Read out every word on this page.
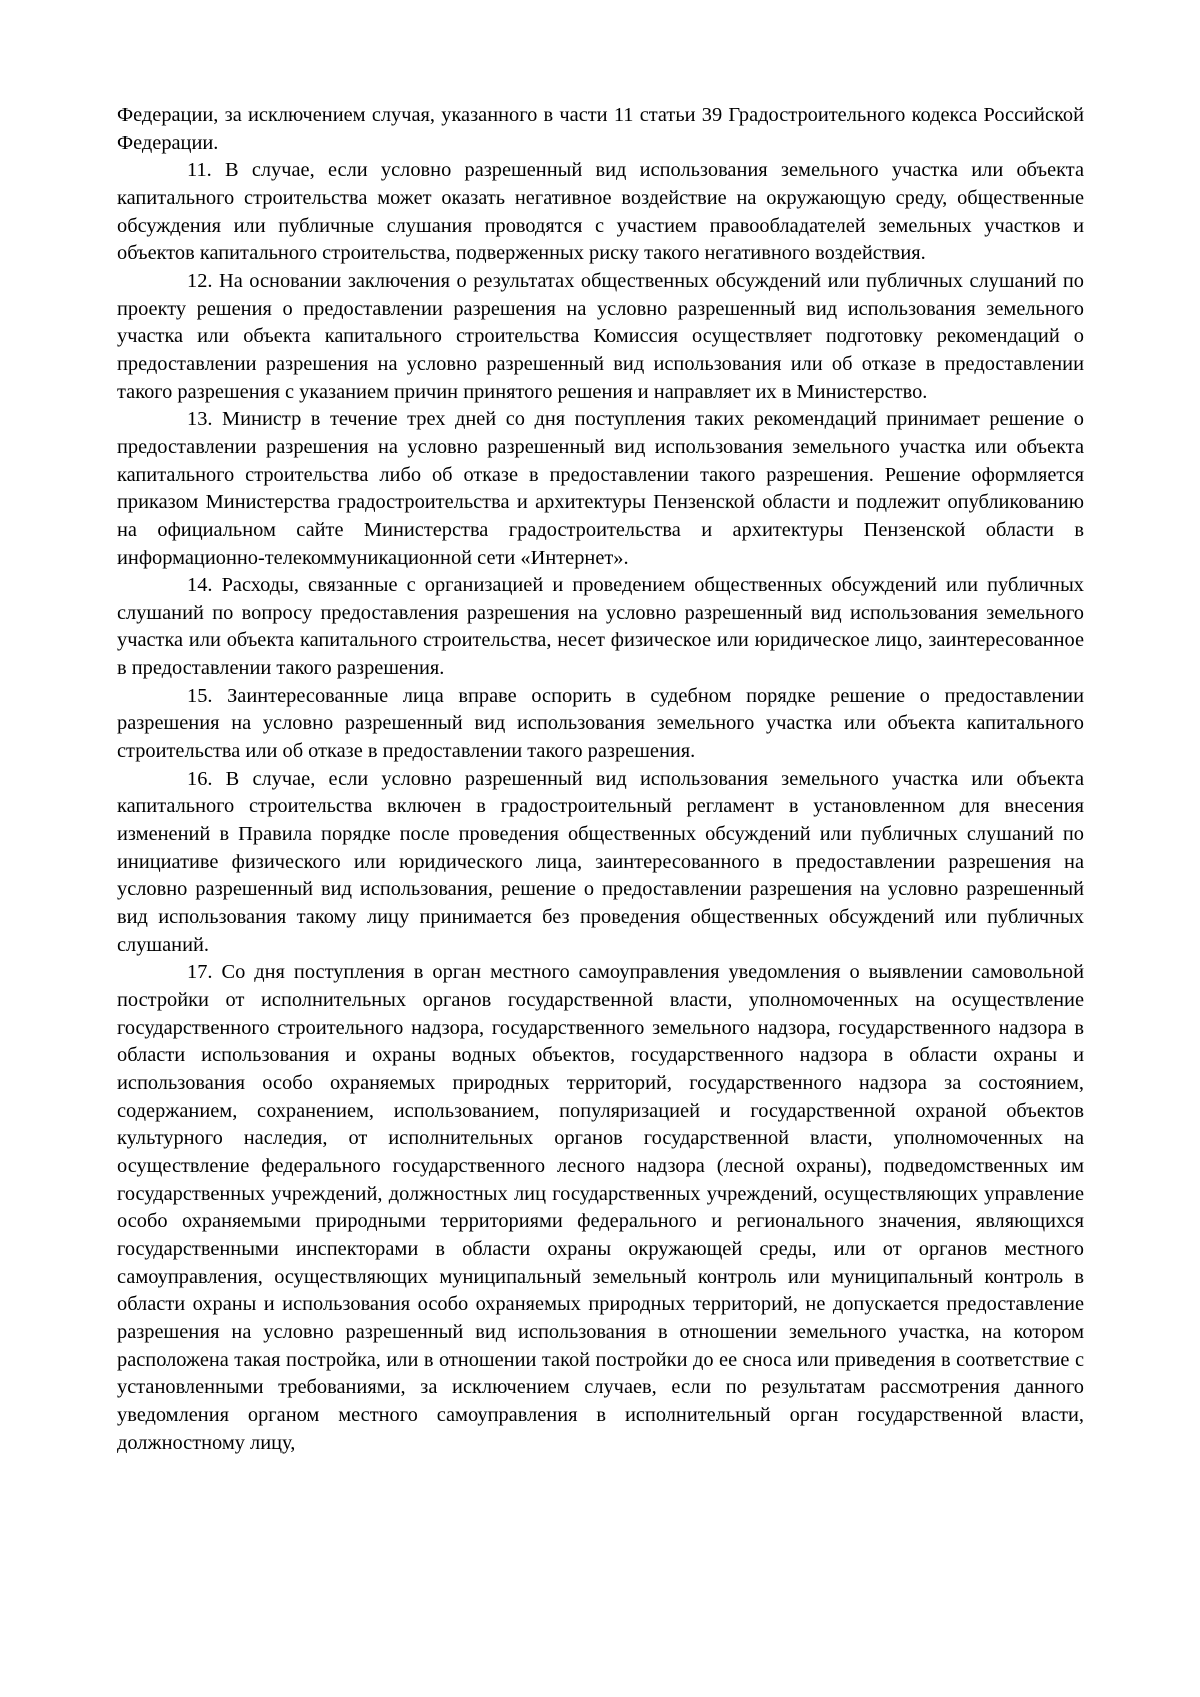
Федерации, за исключением случая, указанного в части 11 статьи 39 Градостроительного кодекса Российской Федерации.

11. В случае, если условно разрешенный вид использования земельного участка или объекта капитального строительства может оказать негативное воздействие на окружающую среду, общественные обсуждения или публичные слушания проводятся с участием правообладателей земельных участков и объектов капитального строительства, подверженных риску такого негативного воздействия.

12. На основании заключения о результатах общественных обсуждений или публичных слушаний по проекту решения о предоставлении разрешения на условно разрешенный вид использования земельного участка или объекта капитального строительства Комиссия осуществляет подготовку рекомендаций о предоставлении разрешения на условно разрешенный вид использования или об отказе в предоставлении такого разрешения с указанием причин принятого решения и направляет их в Министерство.

13. Министр в течение трех дней со дня поступления таких рекомендаций принимает решение о предоставлении разрешения на условно разрешенный вид использования земельного участка или объекта капитального строительства либо об отказе в предоставлении такого разрешения. Решение оформляется приказом Министерства градостроительства и архитектуры Пензенской области и подлежит опубликованию на официальном сайте Министерства градостроительства и архитектуры Пензенской области в информационно-телекоммуникационной сети «Интернет».

14. Расходы, связанные с организацией и проведением общественных обсуждений или публичных слушаний по вопросу предоставления разрешения на условно разрешенный вид использования земельного участка или объекта капитального строительства, несет физическое или юридическое лицо, заинтересованное в предоставлении такого разрешения.

15. Заинтересованные лица вправе оспорить в судебном порядке решение о предоставлении разрешения на условно разрешенный вид использования земельного участка или объекта капитального строительства или об отказе в предоставлении такого разрешения.

16. В случае, если условно разрешенный вид использования земельного участка или объекта капитального строительства включен в градостроительный регламент в установленном для внесения изменений в Правила порядке после проведения общественных обсуждений или публичных слушаний по инициативе физического или юридического лица, заинтересованного в предоставлении разрешения на условно разрешенный вид использования, решение о предоставлении разрешения на условно разрешенный вид использования такому лицу принимается без проведения общественных обсуждений или публичных слушаний.

17. Со дня поступления в орган местного самоуправления уведомления о выявлении самовольной постройки от исполнительных органов государственной власти, уполномоченных на осуществление государственного строительного надзора, государственного земельного надзора, государственного надзора в области использования и охраны водных объектов, государственного надзора в области охраны и использования особо охраняемых природных территорий, государственного надзора за состоянием, содержанием, сохранением, использованием, популяризацией и государственной охраной объектов культурного наследия, от исполнительных органов государственной власти, уполномоченных на осуществление федерального государственного лесного надзора (лесной охраны), подведомственных им государственных учреждений, должностных лиц государственных учреждений, осуществляющих управление особо охраняемыми природными территориями федерального и регионального значения, являющихся государственными инспекторами в области охраны окружающей среды, или от органов местного самоуправления, осуществляющих муниципальный земельный контроль или муниципальный контроль в области охраны и использования особо охраняемых природных территорий, не допускается предоставление разрешения на условно разрешенный вид использования в отношении земельного участка, на котором расположена такая постройка, или в отношении такой постройки до ее сноса или приведения в соответствие с установленными требованиями, за исключением случаев, если по результатам рассмотрения данного уведомления органом местного самоуправления в исполнительный орган государственной власти, должностному лицу,
